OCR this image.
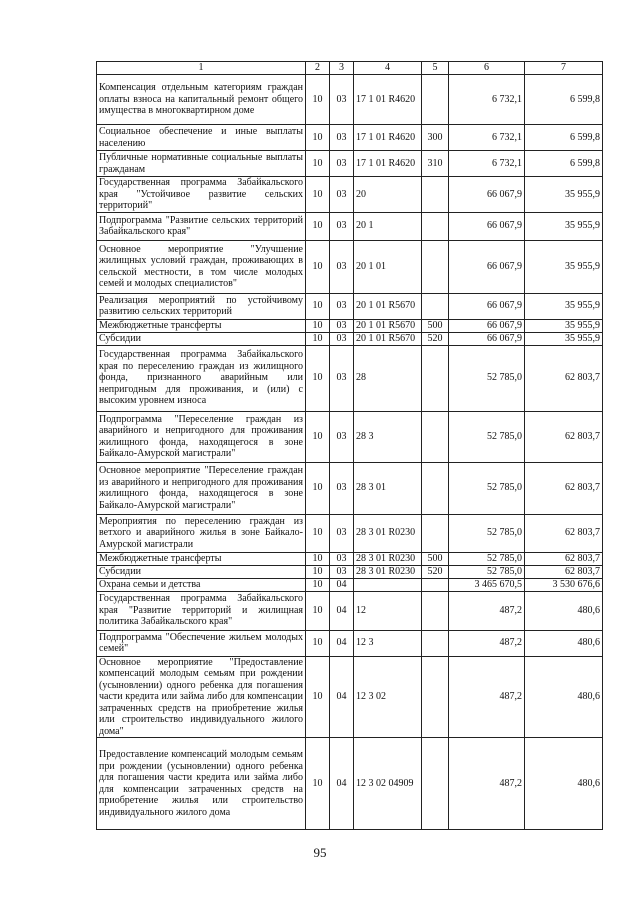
1	2	3	4	5	6	7
Компенсация отдельным категориям граждан оплаты взноса на капитальный ремонт общего имущества в многоквартирном доме	10	03	17 1 01 R4620		6 732,1	6 599,8
Социальное обеспечение и иные выплаты населению	10	03	17 1 01 R4620	300	6 732,1	6 599,8
Публичные нормативные социальные выплаты гражданам	10	03	17 1 01 R4620	310	6 732,1	6 599,8
Государственная программа Забайкальского края "Устойчивое развитие сельских территорий"	10	03	20		66 067,9	35 955,9
Подпрограмма "Развитие сельских территорий Забайкальского края"	10	03	20 1		66 067,9	35 955,9
Основное мероприятие "Улучшение жилищных условий граждан, проживающих в сельской местности, в том числе молодых семей и молодых специалистов"	10	03	20 1 01		66 067,9	35 955,9
Реализация мероприятий по устойчивому развитию сельских территорий	10	03	20 1 01 R5670		66 067,9	35 955,9
Межбюджетные трансферты	10	03	20 1 01 R5670	500	66 067,9	35 955,9
Субсидии	10	03	20 1 01 R5670	520	66 067,9	35 955,9
Государственная программа Забайкальского края по переселению граждан из жилищного фонда, признанного аварийным или непригодным для проживания, и (или) с высоким уровнем износа	10	03	28		52 785,0	62 803,7
Подпрограмма "Переселение граждан из аварийного и непригодного для проживания жилищного фонда, находящегося в зоне Байкало-Амурской магистрали"	10	03	28 3		52 785,0	62 803,7
Основное мероприятие "Переселение граждан из аварийного и непригодного для проживания жилищного фонда, находящегося в зоне Байкало-Амурской магистрали"	10	03	28 3 01		52 785,0	62 803,7
Мероприятия по переселению граждан из ветхого и аварийного жилья в зоне Байкало-Амурской магистрали	10	03	28 3 01 R0230		52 785,0	62 803,7
Межбюджетные трансферты	10	03	28 3 01 R0230	500	52 785,0	62 803,7
Субсидии	10	03	28 3 01 R0230	520	52 785,0	62 803,7
Охрана семьи и детства	10	04			3 465 670,5	3 530 676,6
Государственная программа Забайкальского края "Развитие территорий и жилищная политика Забайкальского края"	10	04	12		487,2	480,6
Подпрограмма "Обеспечение жильем молодых семей"	10	04	12 3		487,2	480,6
Основное мероприятие "Предоставление компенсаций молодым семьям при рождении (усыновлении) одного ребенка для погашения части кредита или займа либо для компенсации затраченных средств на приобретение жилья или строительство индивидуального жилого дома"	10	04	12 3 02		487,2	480,6
Предоставление компенсаций молодым семьям при рождении (усыновлении) одного ребенка для погашения части кредита или займа либо для компенсации затраченных средств на приобретение жилья или строительство индивидуального жилого дома	10	04	12 3 02 04909		487,2	480,6
95
